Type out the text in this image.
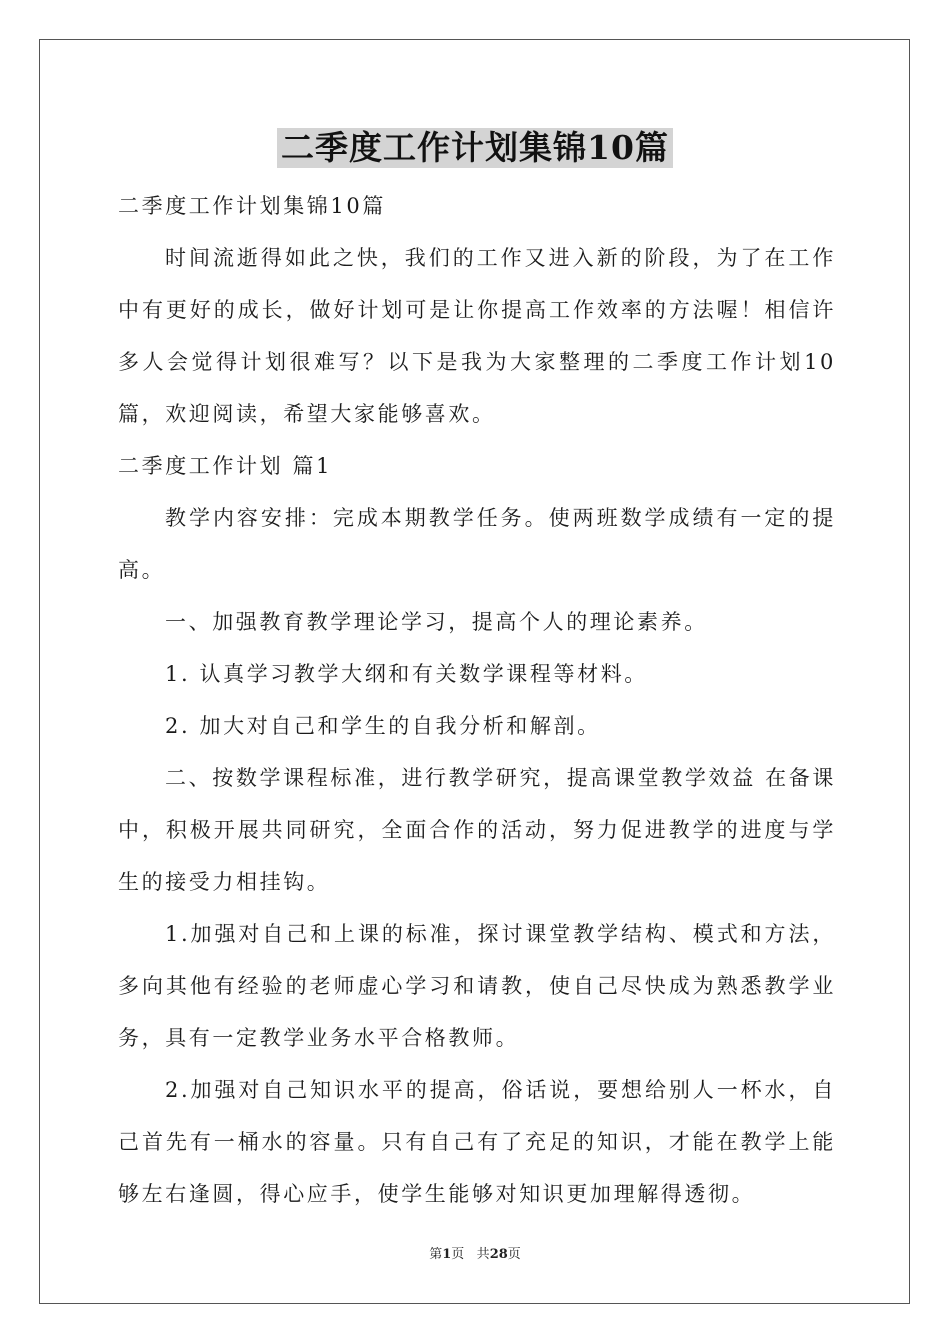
二季度工作计划集锦10篇

二季度工作计划集锦10篇

时间流逝得如此之快，我们的工作又进入新的阶段，为了在工作中有更好的成长，做好计划可是让你提高工作效率的方法喔！相信许多人会觉得计划很难写？以下是我为大家整理的二季度工作计划10篇，欢迎阅读，希望大家能够喜欢。

二季度工作计划 篇1

教学内容安排：完成本期教学任务。使两班数学成绩有一定的提高。

一、加强教育教学理论学习，提高个人的理论素养。

1. 认真学习教学大纲和有关数学课程等材料。

2. 加大对自己和学生的自我分析和解剖。

二、按数学课程标准，进行教学研究，提高课堂教学效益 在备课中，积极开展共同研究，全面合作的活动，努力促进教学的进度与学生的接受力相挂钩。

1.加强对自己和上课的标准，探讨课堂教学结构、模式和方法，多向其他有经验的老师虚心学习和请教，使自己尽快成为熟悉教学业务，具有一定教学业务水平合格教师。

2.加强对自己知识水平的提高，俗话说，要想给别人一杯水，自己首先有一桶水的容量。只有自己有了充足的知识，才能在教学上能够左右逢圆，得心应手，使学生能够对知识更加理解得透彻。

第1页 共28页
